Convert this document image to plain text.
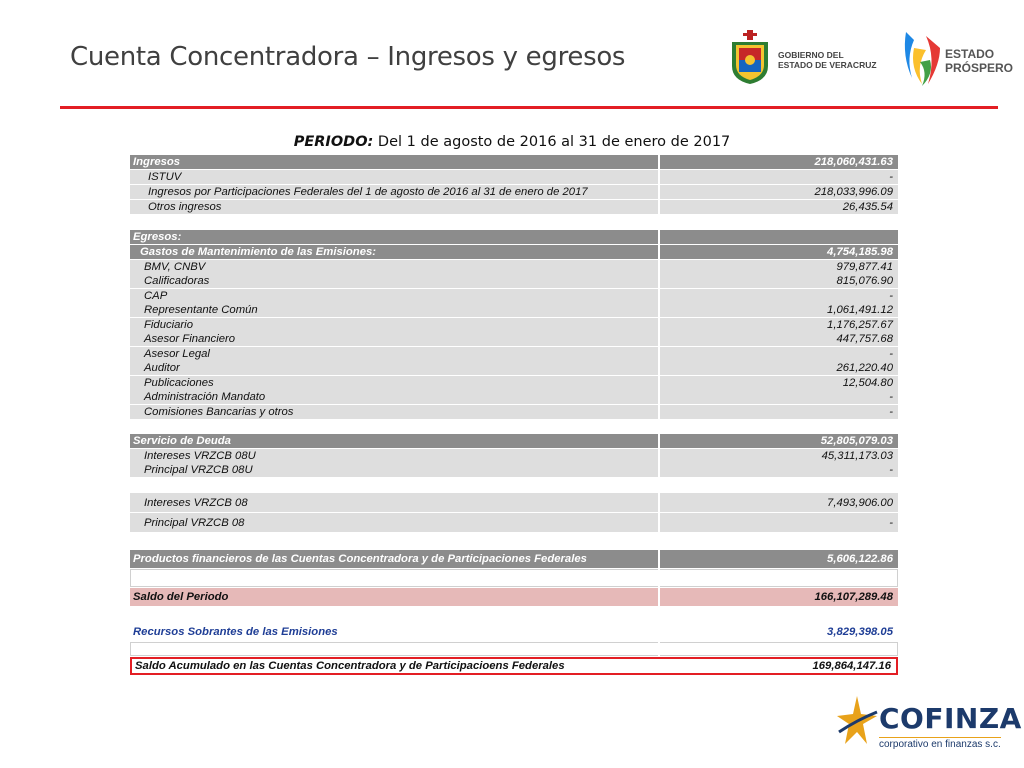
Cuenta Concentradora – Ingresos y egresos	GOBIERNO DEL
ESTADO DE VERACRUZ
ESTADO
PRÓSPERO
PERIODO: Del 1 de agosto de 2016 al 31 de enero de 2017
Ingresos	218,060,431.63
ISTUV	-
Ingresos por Participaciones Federales del 1 de agosto de 2016 al 31 de enero de 2017	218,033,996.09
Otros ingresos	26,435.54
Egresos:
Gastos de Mantenimiento de las Emisiones:	4,754,185.98
BMV, CNBV	979,877.41
Calificadoras	815,076.90
CAP	-
Representante Común	1,061,491.12
Fiduciario	1,176,257.67
Asesor Financiero	447,757.68
Asesor Legal	-
Auditor	261,220.40
Publicaciones	12,504.80
Administración Mandato	-
Comisiones Bancarias y otros	-
Servicio de Deuda	52,805,079.03
Intereses VRZCB 08U	45,311,173.03
Principal VRZCB 08U	-
Intereses VRZCB 08	7,493,906.00
Principal VRZCB 08	-
Productos financieros de las Cuentas Concentradora y de Participaciones Federales	5,606,122.86
Saldo del Periodo	166,107,289.48
Recursos Sobrantes de las Emisiones	3,829,398.05
Saldo Acumulado en las Cuentas Concentradora y de Participacioens Federales	169,864,147.16
COFINZA
corporativo en finanzas s.c.
